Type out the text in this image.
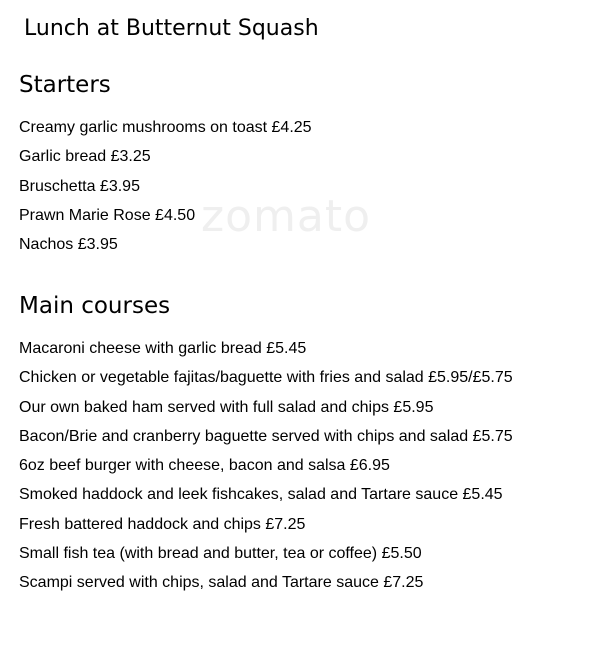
zomato
Lunch at Butternut Squash
Starters
Creamy garlic mushrooms on toast £4.25
Garlic bread £3.25
Bruschetta £3.95
Prawn Marie Rose £4.50
Nachos £3.95
Main courses
Macaroni cheese with garlic bread £5.45
Chicken or vegetable fajitas/baguette with fries and salad £5.95/£5.75
Our own baked ham served with full salad and chips £5.95
Bacon/Brie and cranberry baguette served with chips and salad £5.75
6oz beef burger with cheese, bacon and salsa £6.95
Smoked haddock and leek fishcakes, salad and Tartare sauce £5.45
Fresh battered haddock and chips £7.25
Small fish tea (with bread and butter, tea or coffee) £5.50
Scampi served with chips, salad and Tartare sauce £7.25
